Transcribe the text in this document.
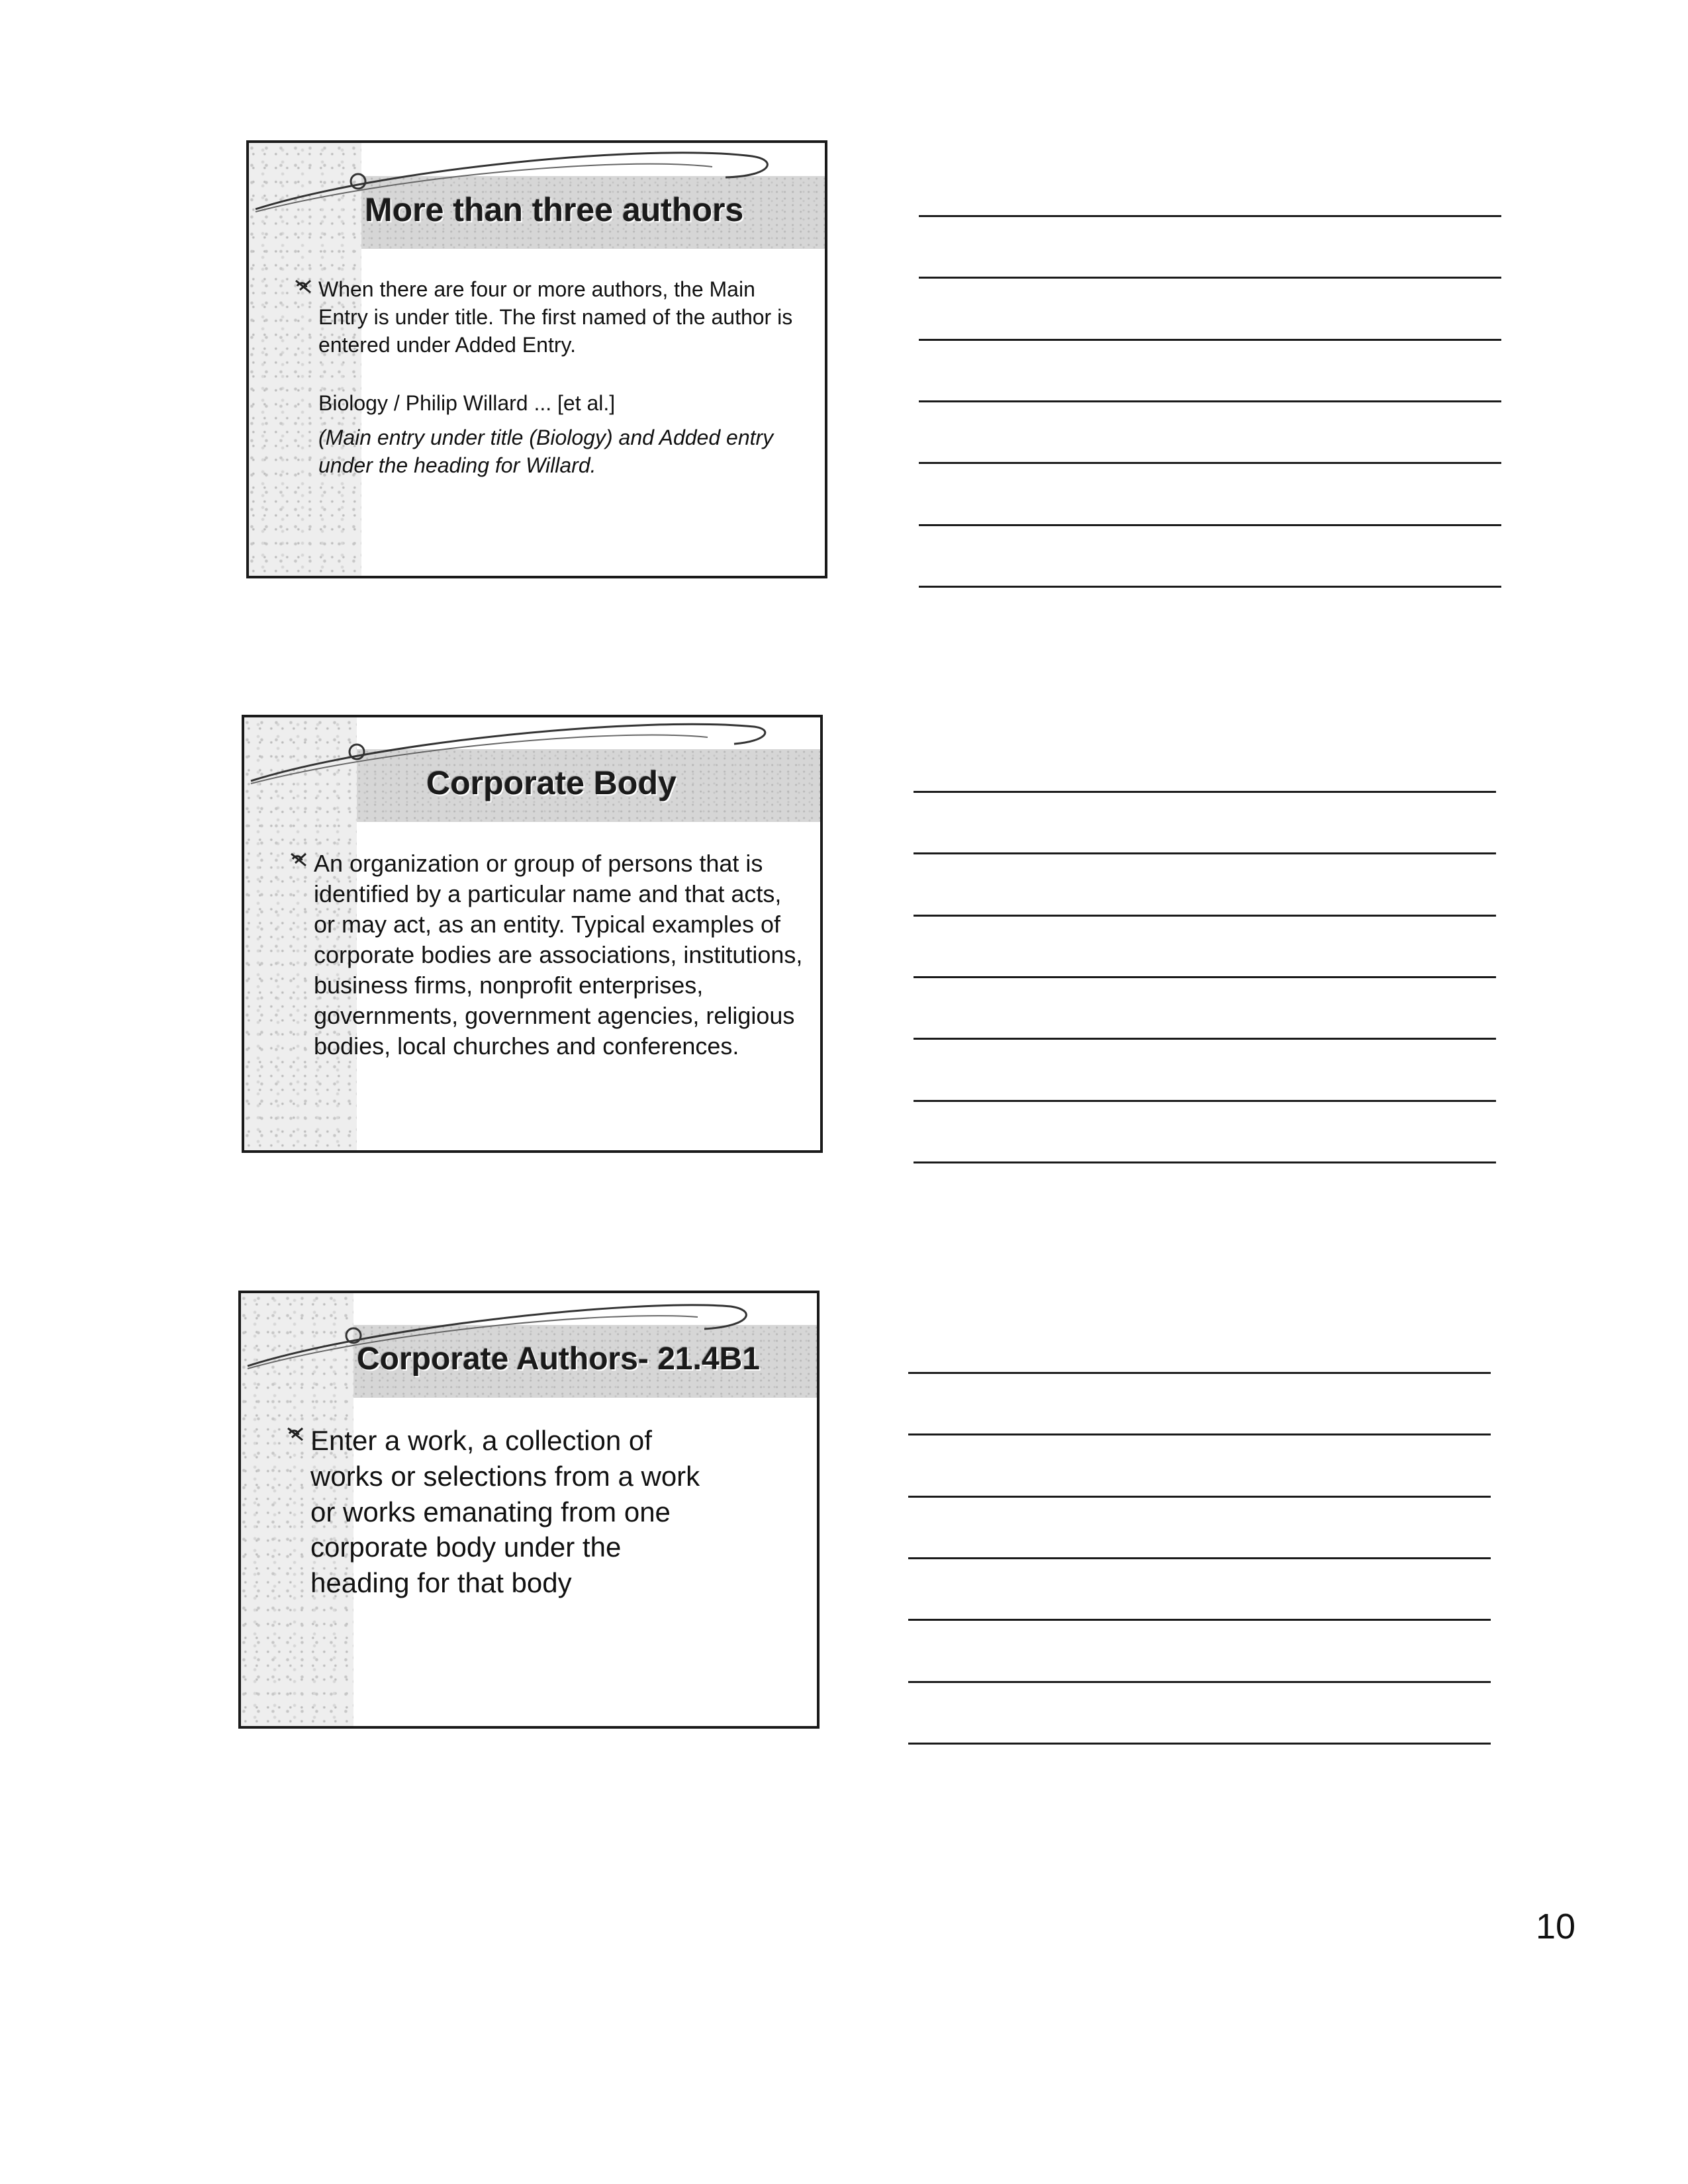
More than three authors

When there are four or more authors, the Main Entry is under title. The first named of the author is entered under Added Entry.

Biology / Philip Willard ... [et al.]

(Main entry under title (Biology) and Added entry under the heading for Willard.

Corporate Body

An organization or group of persons that is identified by a particular name and that acts, or may act, as an entity. Typical examples of corporate bodies are associations, institutions, business firms, nonprofit enterprises, governments, government agencies, religious bodies, local churches and conferences.

Corporate Authors- 21.4B1

Enter a work, a collection of works or selections from a work or works emanating from one corporate body under the heading for that body

10
